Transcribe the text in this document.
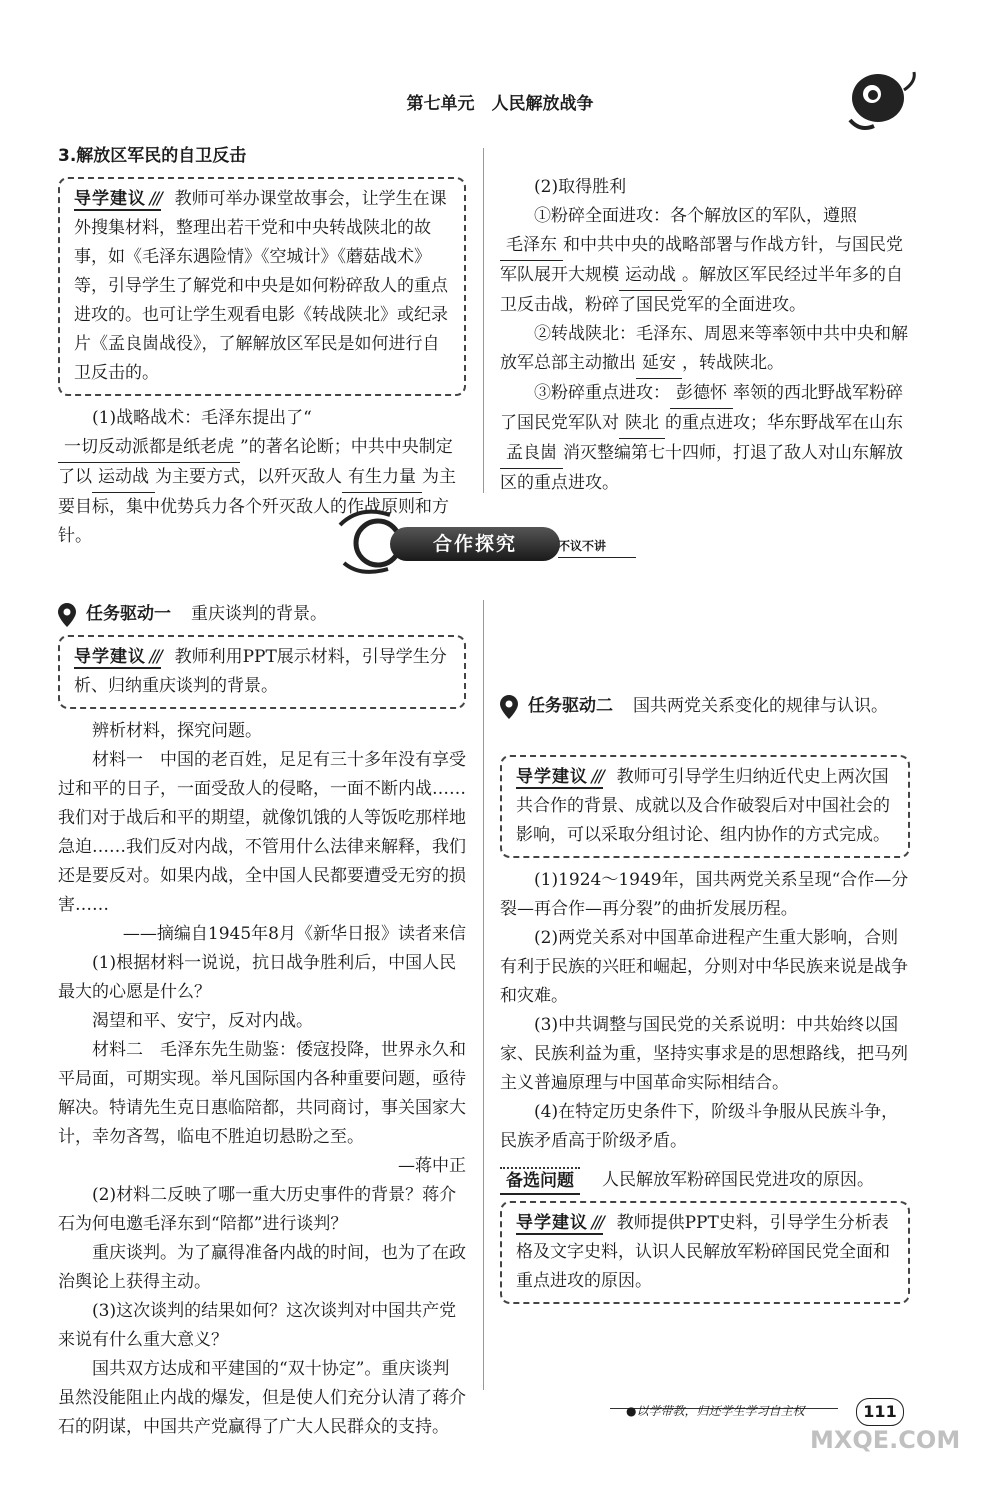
第七单元　人民解放战争
3.解放区军民的自卫反击

导学建议 /// 教师可举办课堂故事会，让学生在课外搜集材料，整理出若干党和中央转战陕北的故事，如《毛泽东遇险情》《空城计》《蘑菇战术》等，引导学生了解党和中央是如何粉碎敌人的重点进攻的。也可让学生观看电影《转战陕北》或纪录片《孟良崮战役》，了解解放区军民是如何进行自卫反击的。

(1)战略战术：毛泽东提出了“一切反动派都是纸老虎 ”的著名论断；中共中央制定了以 运动战 为主要方式，以歼灭敌人 有生力量 为主要目标，集中优势兵力各个歼灭敌人的作战原则和方针。

(2)取得胜利

①粉碎全面进攻：各个解放区的军队，遵照毛泽东 和中共中央的战略部署与作战方针，与国民党军队展开大规模 运动战 。解放区军民经过半年多的自卫反击战，粉碎了国民党军的全面进攻。

②转战陕北：毛泽东、周恩来等率领中共中央和解放军总部主动撤出 延安 ，转战陕北。

③粉碎重点进攻： 彭德怀 率领的西北野战军粉碎了国民党军队对 陕北 的重点进攻；华东野战军在山东孟良崮 消灭整编第七十四师，打退了敌人对山东解放区的重点进攻。

合作探究	不议不讲
任务驱动一 重庆谈判的背景。

导学建议 /// 教师利用PPT展示材料，引导学生分析、归纳重庆谈判的背景。

辨析材料，探究问题。

材料一　中国的老百姓，足足有三十多年没有享受过和平的日子，一面受敌人的侵略，一面不断内战……我们对于战后和平的期望，就像饥饿的人等饭吃那样地急迫……我们反对内战，不管用什么法律来解释，我们还是要反对。如果内战，全中国人民都要遭受无穷的损害……

——摘编自1945年8月《新华日报》读者来信

(1)根据材料一说说，抗日战争胜利后，中国人民最大的心愿是什么？

渴望和平、安宁，反对内战。

材料二　毛泽东先生勋鉴：倭寇投降，世界永久和平局面，可期实现。举凡国际国内各种重要问题，亟待解决。特请先生克日惠临陪都，共同商讨，事关国家大计，幸勿吝驾，临电不胜迫切悬盼之至。

—蒋中正

(2)材料二反映了哪一重大历史事件的背景？蒋介石为何电邀毛泽东到“陪都”进行谈判？

重庆谈判。为了赢得准备内战的时间，也为了在政治舆论上获得主动。

(3)这次谈判的结果如何？这次谈判对中国共产党来说有什么重大意义？

国共双方达成和平建国的“双十协定”。重庆谈判虽然没能阻止内战的爆发，但是使人们充分认清了蒋介石的阴谋，中国共产党赢得了广大人民群众的支持。

任务驱动二 国共两党关系变化的规律与认识。

导学建议 /// 教师可引导学生归纳近代史上两次国共合作的背景、成就以及合作破裂后对中国社会的影响，可以采取分组讨论、组内协作的方式完成。

(1)1924～1949年，国共两党关系呈现“合作—分裂—再合作—再分裂”的曲折发展历程。

(2)两党关系对中国革命进程产生重大影响，合则有利于民族的兴旺和崛起，分则对中华民族来说是战争和灾难。

(3)中共调整与国民党的关系说明：中共始终以国家、民族利益为重，坚持实事求是的思想路线，把马列主义普遍原理与中国革命实际相结合。

(4)在特定历史条件下，阶级斗争服从民族斗争，民族矛盾高于阶级矛盾。

备选问题	人民解放军粉碎国民党进攻的原因。

导学建议 /// 教师提供PPT史料，引导学生分析表格及文字史料，认识人民解放军粉碎国民党全面和重点进攻的原因。

●以学带教，归还学生学习自主权	111
MXQE.COM
